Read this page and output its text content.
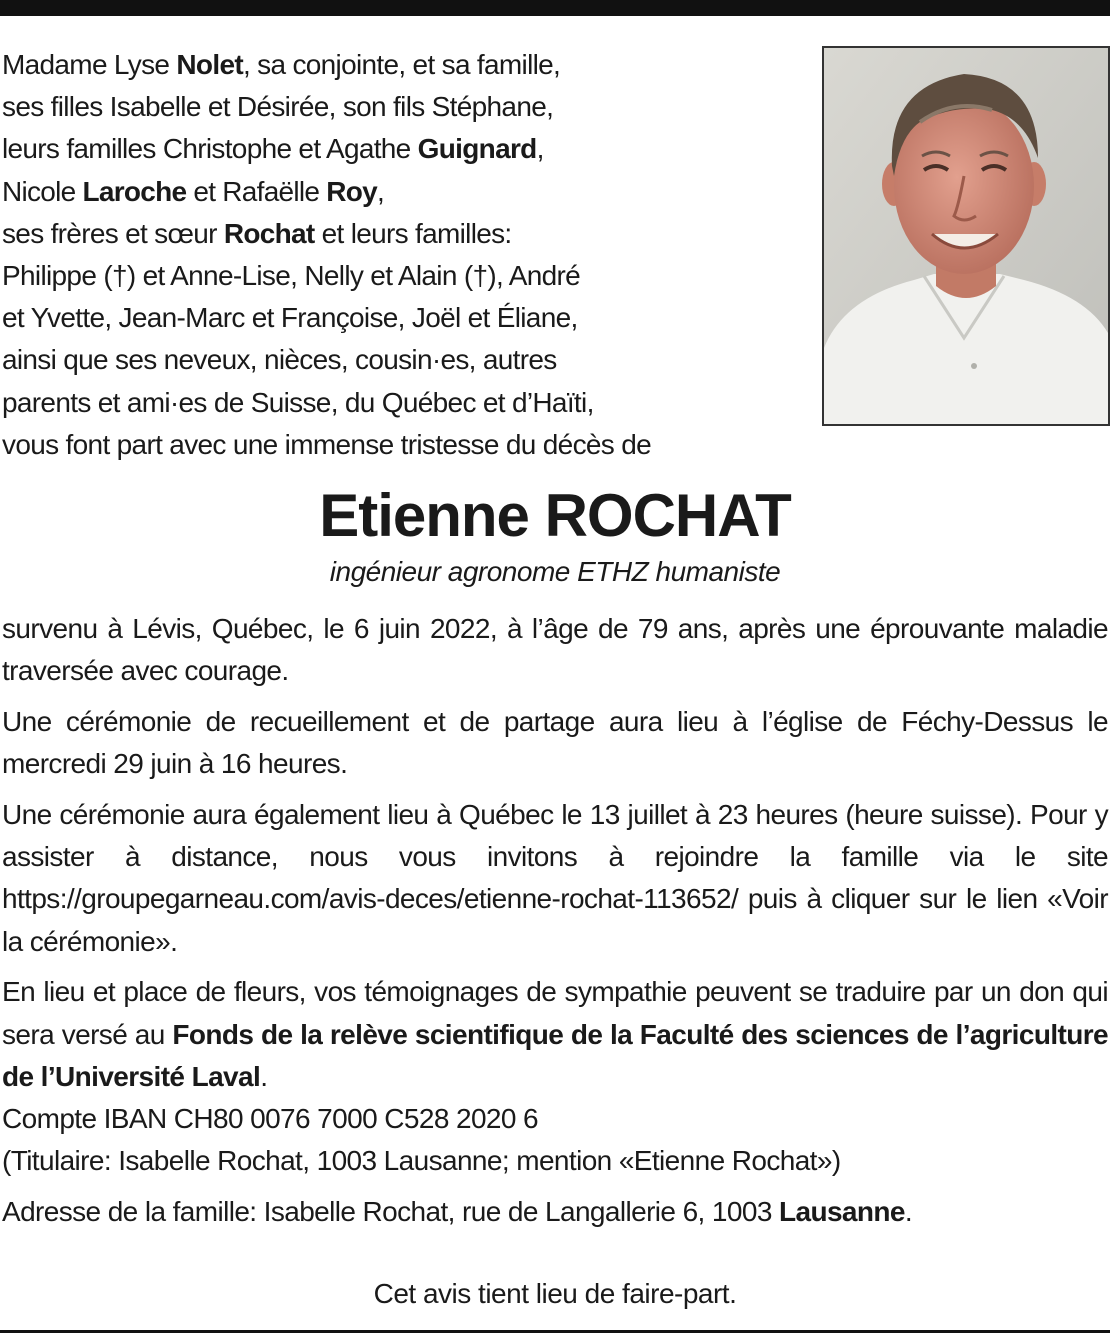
Madame Lyse Nolet, sa conjointe, et sa famille,
ses filles Isabelle et Désirée, son fils Stéphane,
leurs familles Christophe et Agathe Guignard,
Nicole Laroche et Rafaëlle Roy,
ses frères et sœur Rochat et leurs familles:
Philippe (†) et Anne-Lise, Nelly et Alain (†), André
et Yvette, Jean-Marc et Françoise, Joël et Éliane,
ainsi que ses neveux, nièces, cousin·es, autres
parents et ami·es de Suisse, du Québec et d’Haïti,
vous font part avec une immense tristesse du décès de
Etienne ROCHAT
ingénieur agronome ETHZ humaniste

survenu à Lévis, Québec, le 6 juin 2022, à l’âge de 79 ans, après une éprouvante maladie traversée avec courage.

Une cérémonie de recueillement et de partage aura lieu à l’église de Féchy-Dessus le mercredi 29 juin à 16 heures.

Une cérémonie aura également lieu à Québec le 13 juillet à 23 heures (heure suisse). Pour y assister à distance, nous vous invitons à rejoindre la famille via le site https://groupegarneau.com/avis-deces/etienne-rochat-113652/ puis à cliquer sur le lien «Voir la cérémonie».

En lieu et place de fleurs, vos témoignages de sympathie peuvent se traduire par un don qui sera versé au Fonds de la relève scientifique de la Faculté des sciences de l’agriculture de l’Université Laval.

Compte IBAN CH80 0076 7000 C528 2020 6

(Titulaire: Isabelle Rochat, 1003 Lausanne; mention «Etienne Rochat»)

Adresse de la famille: Isabelle Rochat, rue de Langallerie 6, 1003 Lausanne.

Cet avis tient lieu de faire-part.
